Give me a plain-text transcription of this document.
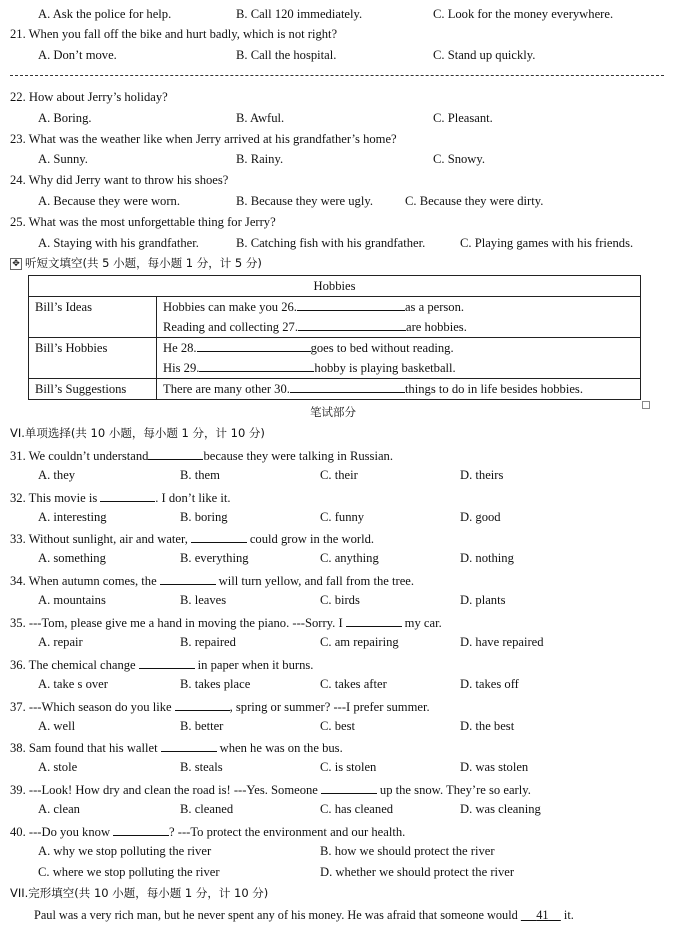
A. Ask the police for help.	B. Call 120 immediately.	C. Look for the money everywhere.
21. When you fall off the bike and hurt badly, which is not right?
A. Don’t move.	B. Call the hospital.	C. Stand up quickly.
22. How about Jerry’s holiday?
A. Boring.	B. Awful.	C. Pleasant.
23. What was the weather like when Jerry arrived at his grandfather’s home?
A. Sunny.	B. Rainy.	C. Snowy.
24. Why did Jerry want to throw his shoes?
A. Because they were worn.	B. Because they were ugly.	C. Because they were dirty.
25. What was the most unforgettable thing for Jerry?
A. Staying with his grandfather.	B. Catching fish with his grandfather.	C. Playing games with his friends.
✥ 听短文填空(共 5 小题，每小题 1 分，计 5 分)
Hobbies	
Bill’s Ideas	Hobbies can make you 26. as a person.
Reading and collecting 27. are hobbies.

Bill’s Hobbies	He 28. goes to bed without reading.
His 29. hobby is playing basketball.

Bill’s Suggestions	There are many other 30. things to do in life besides hobbies.
笔试部分
VI.单项选择(共 10 小题，每小题 1 分，计 10 分)
31. We couldn’t understand	because they were talking in Russian.
A. they	B. them	C. their	D. theirs
32. This movie is	. I don’t like it.
A. interesting	B. boring	C. funny	D. good
33. Without sunlight, air and water,	could grow in the world.
A. something	B. everything	C. anything	D. nothing
34. When autumn comes, the	will turn yellow, and fall from the tree.
A. mountains	B. leaves	C. birds	D. plants
35. ---Tom, please give me a hand in moving the piano. ---Sorry. I	my car.
A. repair	B. repaired	C. am repairing	D. have repaired
36. The chemical change	in paper when it burns.
A. take s over	B. takes place	C. takes after	D. takes off
37. ---Which season do you like	, spring or summer? ---I prefer summer.
A. well	B. better	C. best	D. the best
38. Sam found that his wallet	when he was on the bus.
A. stole	B. steals	C. is stolen	D. was stolen
39. ---Look! How dry and clean the road is! ---Yes. Someone	up the snow. They’re so early.
A. clean	B. cleaned	C. has cleaned	D. was cleaning
40. ---Do you know	? ---To protect the environment and our health.
A. why we stop polluting the river	B. how we should protect the river
C. where we stop polluting the river	D. whether we should protect the river
VII.完形填空(共 10 小题，每小题 1 分，计 10 分)
Paul was a very rich man, but he never spent any of his money. He was afraid that someone would 41 it.
